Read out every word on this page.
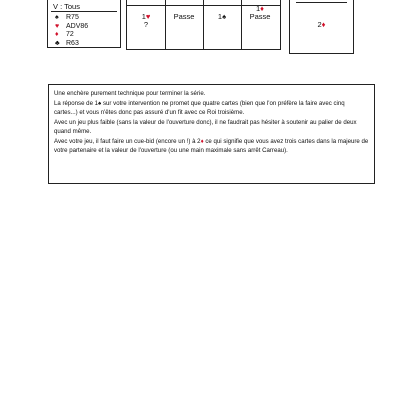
V : Tous
♠ R75
♥ ADV86
♦ 72
♣ R63
1♥
?
Passe	1♠
1♦
Passe
2♦

Une enchère purement technique pour terminer la série.

La réponse de 1♠ sur votre intervention ne promet que quatre cartes (bien que l'on préfère la faire avec cinq cartes...) et vous n'êtes donc pas assuré d'un fit avec ce Roi troisième.

Avec un jeu plus faible (sans la valeur de l'ouverture donc), il ne faudrait pas hésiter à soutenir au palier de deux quand même.

Avec votre jeu, il faut faire un cue-bid (encore un !) à 2♦ ce qui signifie que vous avez trois cartes dans la majeure de votre partenaire et la valeur de l'ouverture (ou une main maximale sans arrêt Carreau).
